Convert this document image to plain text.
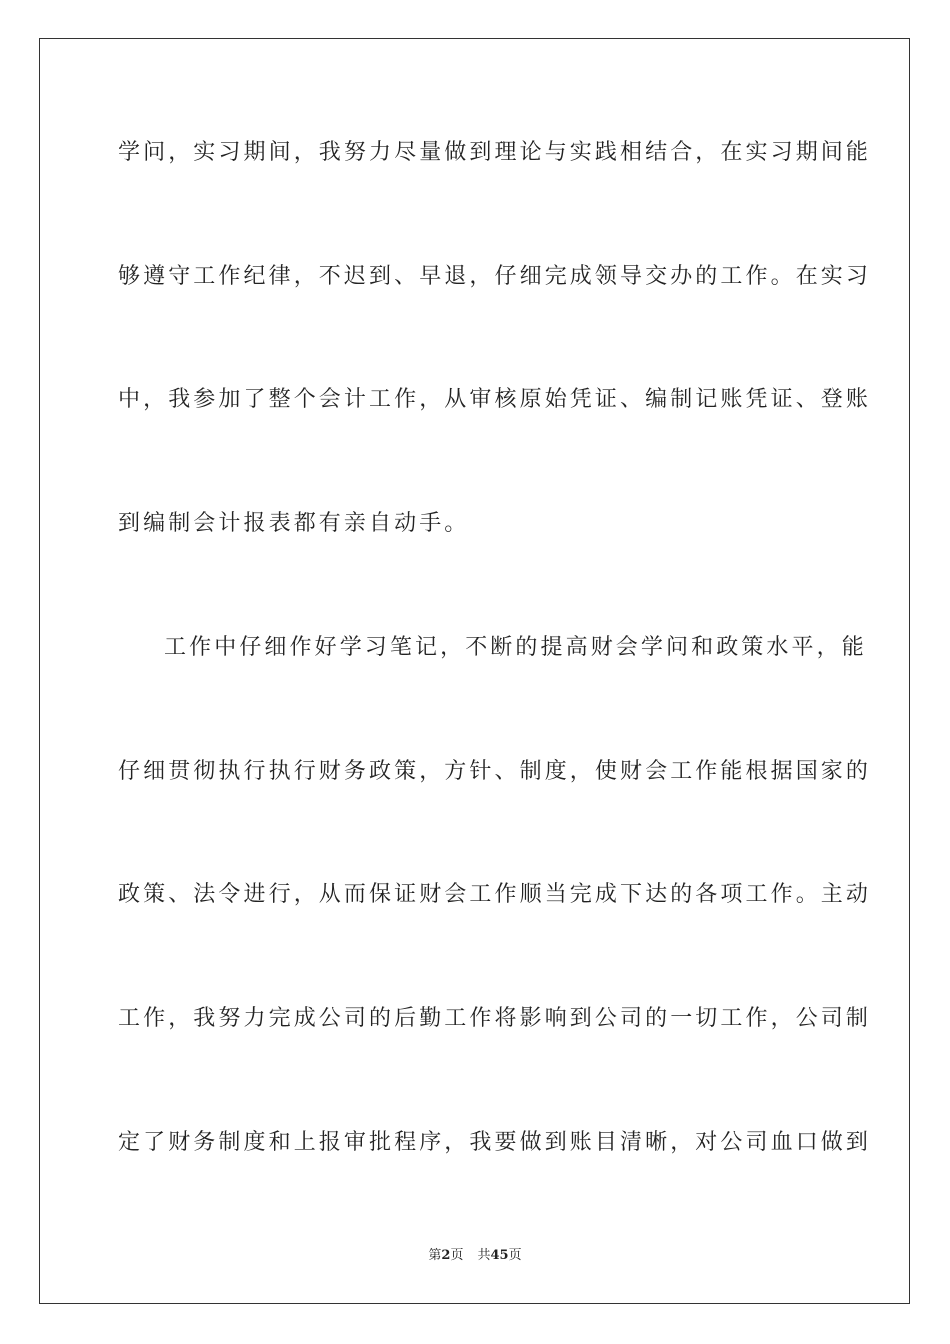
学问，实习期间，我努力尽量做到理论与实践相结合，在实习期间能
够遵守工作纪律，不迟到、早退，仔细完成领导交办的工作。在实习
中，我参加了整个会计工作，从审核原始凭证、编制记账凭证、登账
到编制会计报表都有亲自动手。
工作中仔细作好学习笔记，不断的提高财会学问和政策水平，能
仔细贯彻执行执行财务政策，方针、制度，使财会工作能根据国家的
政策、法令进行，从而保证财会工作顺当完成下达的各项工作。主动
工作，我努力完成公司的后勤工作将影响到公司的一切工作，公司制
定了财务制度和上报审批程序，我要做到账目清晰，对公司血口做到
第2页 共45页
